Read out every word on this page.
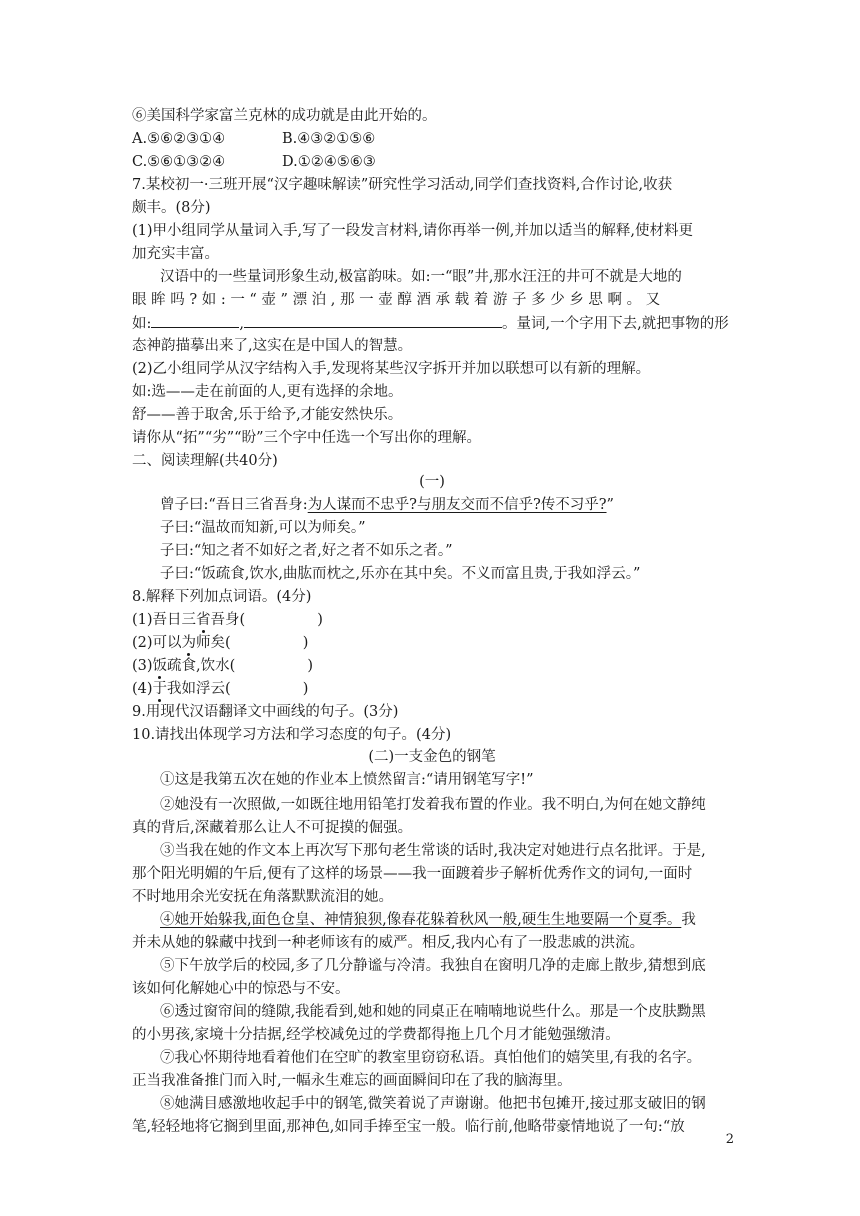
⑥美国科学家富兰克林的成功就是由此开始的。
A.⑤⑥②③①④	B.④③②①⑤⑥
C.⑤⑥①③②④	D.①②④⑤⑥③
7.某校初一·三班开展“汉字趣味解读”研究性学习活动,同学们查找资料,合作讨论,收获
颇丰。(8分)
(1)甲小组同学从量词入手,写了一段发言材料,请你再举一例,并加以适当的解释,使材料更
加充实丰富。
汉语中的一些量词形象生动,极富韵味。如:一“眼”井,那水汪汪的井可不就是大地的
眼 眸 吗 ? 如 : 一 “ 壶 ” 漂 泊 , 那 一 壶 醇 酒 承 载 着 游 子 多 少 乡 思 啊 。 又
如:	,	。量词,一个字用下去,就把事物的形
态神韵描摹出来了,这实在是中国人的智慧。
(2)乙小组同学从汉字结构入手,发现将某些汉字拆开并加以联想可以有新的理解。
如:选——走在前面的人,更有选择的余地。
舒——善于取舍,乐于给予,才能安然快乐。
请你从“拓”“劣”“盼”三个字中任选一个写出你的理解。
二、阅读理解(共40分)
(一)
曾子曰:“吾日三省吾身:为人谋而不忠乎?与朋友交而不信乎?传不习乎?”
子曰:“温故而知新,可以为师矣。”
子曰:“知之者不如好之者,好之者不如乐之者。”
子曰:“饭疏食,饮水,曲肱而枕之,乐亦在其中矣。不义而富且贵,于我如浮云。”
8.解释下列加点词语。(4分)
(1)吾日三省吾身(	)
(2)可以为师矣(	)
(3)饭疏食,饮水(	)
(4)于我如浮云(	)
9.用现代汉语翻译文中画线的句子。(3分)
10.请找出体现学习方法和学习态度的句子。(4分)
(二)一支金色的钢笔
①这是我第五次在她的作业本上愤然留言:“请用钢笔写字!”
②她没有一次照做,一如既往地用铅笔打发着我布置的作业。我不明白,为何在她文静纯
真的背后,深藏着那么让人不可捉摸的倔强。
③当我在她的作文本上再次写下那句老生常谈的话时,我决定对她进行点名批评。于是,
那个阳光明媚的午后,便有了这样的场景——我一面踱着步子解析优秀作文的词句,一面时
不时地用余光安抚在角落默默流泪的她。
④她开始躲我,面色仓皇、神情狼狈,像春花躲着秋风一般,硬生生地要隔一个夏季。我
并未从她的躲藏中找到一种老师该有的威严。相反,我内心有了一股悲戚的洪流。
⑤下午放学后的校园,多了几分静谧与冷清。我独自在窗明几净的走廊上散步,猜想到底
该如何化解她心中的惊恐与不安。
⑥透过窗帘间的缝隙,我能看到,她和她的同桌正在喃喃地说些什么。那是一个皮肤黝黑
的小男孩,家境十分拮据,经学校减免过的学费都得拖上几个月才能勉强缴清。
⑦我心怀期待地看着他们在空旷的教室里窃窃私语。真怕他们的嬉笑里,有我的名字。
正当我准备推门而入时,一幅永生难忘的画面瞬间印在了我的脑海里。
⑧她满目感激地收起手中的钢笔,微笑着说了声谢谢。他把书包摊开,接过那支破旧的钢
笔,轻轻地将它搁到里面,那神色,如同手捧至宝一般。临行前,他略带豪情地说了一句:“放
2
